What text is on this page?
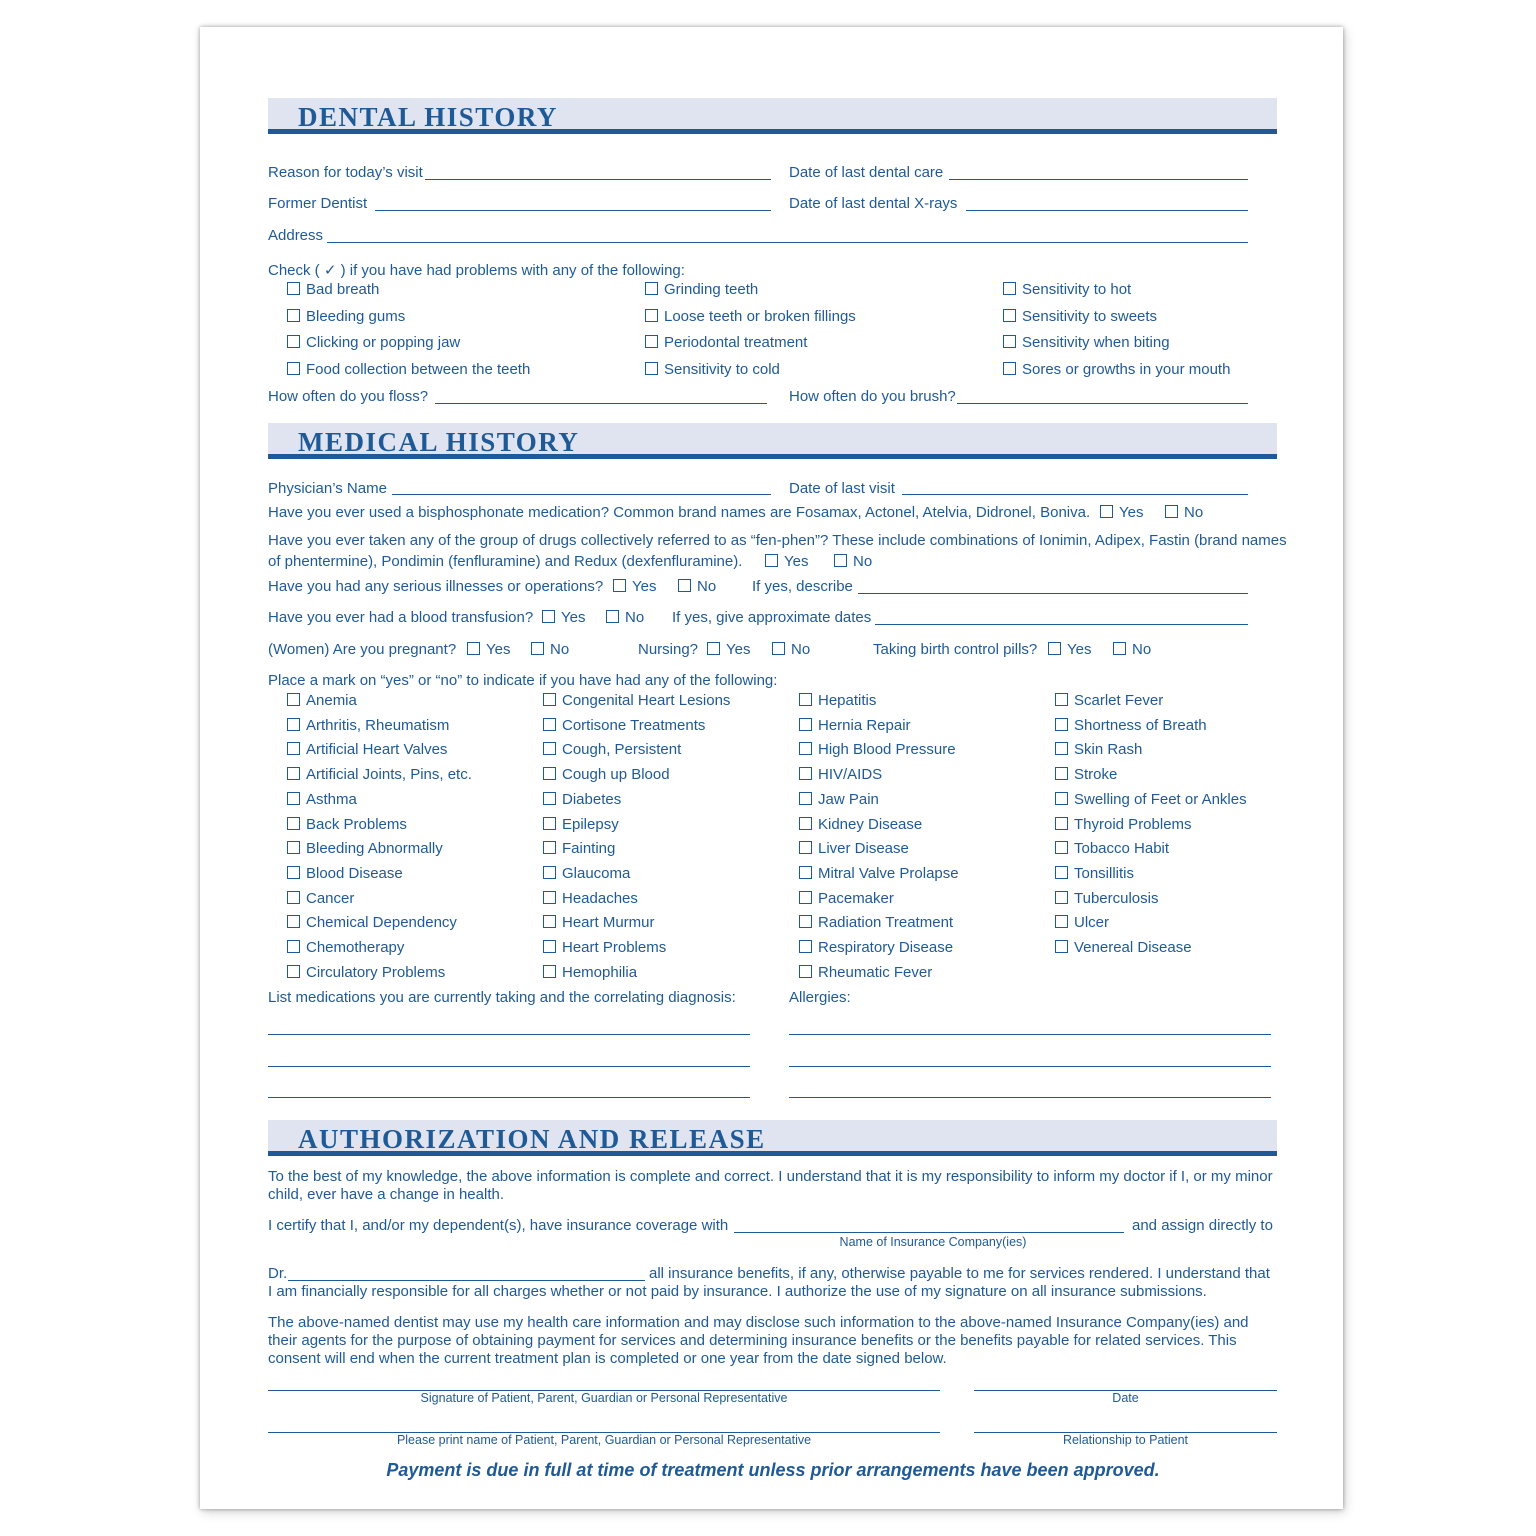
DENTAL HISTORY
Reason for today’s visit	Date of last dental care
Former Dentist	Date of last dental X-rays
Address
Check ( ✓ ) if you have had problems with any of the following:
Bad breath
Bleeding gums
Clicking or popping jaw
Food collection between the teeth
Grinding teeth
Loose teeth or broken fillings
Periodontal treatment
Sensitivity to cold
Sensitivity to hot
Sensitivity to sweets
Sensitivity when biting
Sores or growths in your mouth
How often do you floss?	How often do you brush?
MEDICAL HISTORY
Physician’s Name	Date of last visit
Have you ever used a bisphosphonate medication? Common brand names are Fosamax, Actonel, Atelvia, Didronel, Boniva.	Yes	No
Have you ever taken any of the group of drugs collectively referred to as “fen-phen”? These include combinations of Ionimin, Adipex, Fastin (brand names
of phentermine), Pondimin (fenfluramine) and Redux (dexfenfluramine).	Yes	No
Have you had any serious illnesses or operations?	Yes	No If yes, describe
Have you ever had a blood transfusion?	Yes	No If yes, give approximate dates
(Women) Are you pregnant?	Yes	No	Nursing?	Yes	No	Taking birth control pills?	Yes	No
Place a mark on “yes” or “no” to indicate if you have had any of the following:
Anemia
Arthritis, Rheumatism
Artificial Heart Valves
Artificial Joints, Pins, etc.
Asthma
Back Problems
Bleeding Abnormally
Blood Disease
Cancer
Chemical Dependency
Chemotherapy
Circulatory Problems
Congenital Heart Lesions
Cortisone Treatments
Cough, Persistent
Cough up Blood
Diabetes
Epilepsy
Fainting
Glaucoma
Headaches
Heart Murmur
Heart Problems
Hemophilia
Hepatitis
Hernia Repair
High Blood Pressure
HIV/AIDS
Jaw Pain
Kidney Disease
Liver Disease
Mitral Valve Prolapse
Pacemaker
Radiation Treatment
Respiratory Disease
Rheumatic Fever
Scarlet Fever
Shortness of Breath
Skin Rash
Stroke
Swelling of Feet or Ankles
Thyroid Problems
Tobacco Habit
Tonsillitis
Tuberculosis
Ulcer
Venereal Disease
List medications you are currently taking and the correlating diagnosis:	Allergies:
AUTHORIZATION AND RELEASE
To the best of my knowledge, the above information is complete and correct. I understand that it is my responsibility to inform my doctor if I, or my minor child, ever have a change in health.
I certify that I, and/or my dependent(s), have insurance coverage with	and assign directly to
Name of Insurance Company(ies)
Dr.	all insurance benefits, if any, otherwise payable to me for services rendered. I understand that
I am financially responsible for all charges whether or not paid by insurance. I authorize the use of my signature on all insurance submissions.
The above-named dentist may use my health care information and may disclose such information to the above-named Insurance Company(ies) and their agents for the purpose of obtaining payment for services and determining insurance benefits or the benefits payable for related services. This consent will end when the current treatment plan is completed or one year from the date signed below.
Signature of Patient, Parent, Guardian or Personal Representative	Date
Please print name of Patient, Parent, Guardian or Personal Representative	Relationship to Patient
Payment is due in full at time of treatment unless prior arrangements have been approved.
